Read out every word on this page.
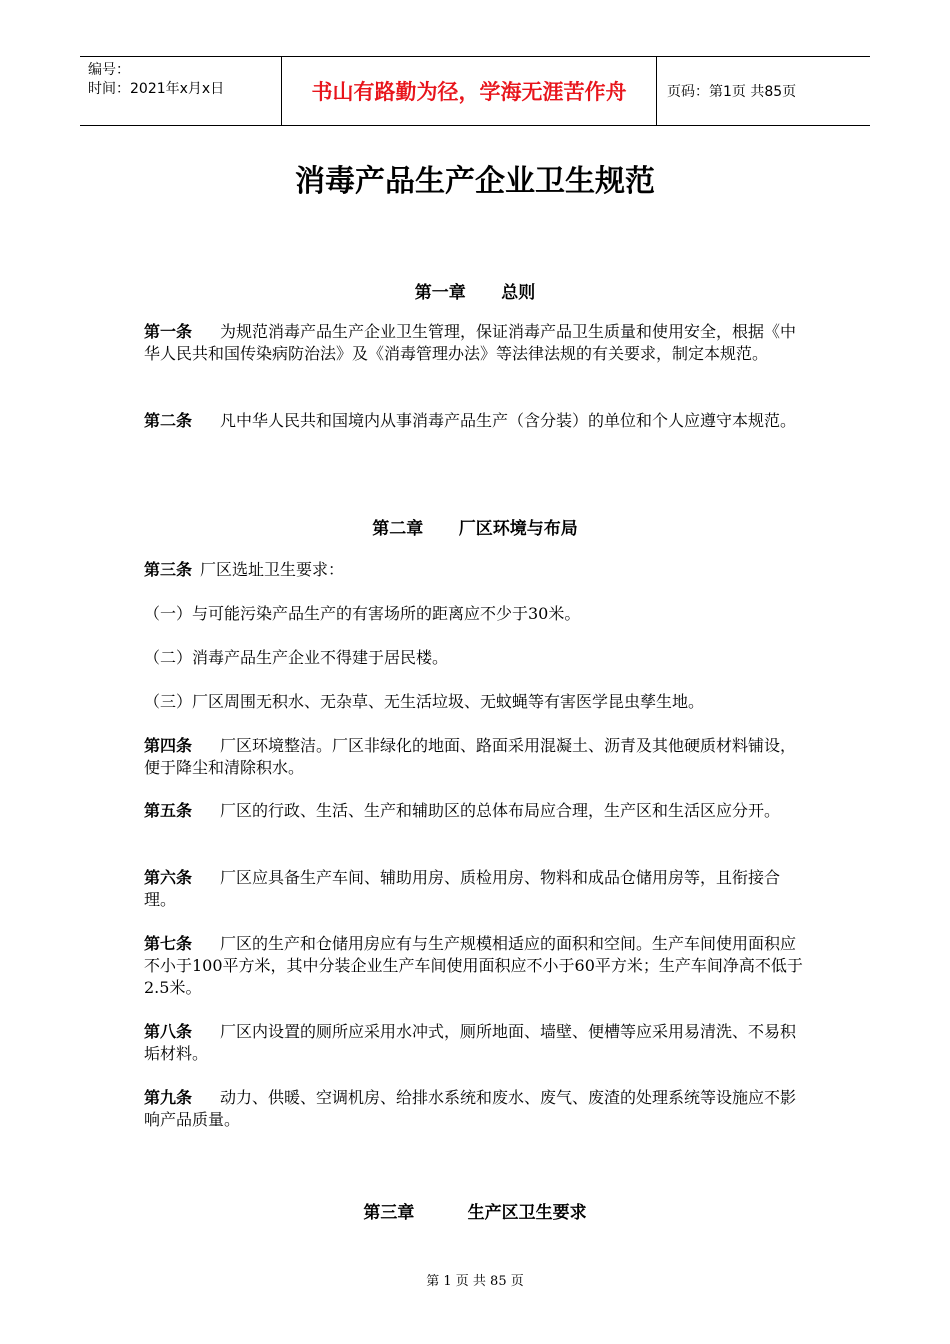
编号：
时间：2021年x月x日	书山有路勤为径，学海无涯苦作舟	页码：第1页 共85页
消毒产品生产企业卫生规范
第一章      总则

第一条 为规范消毒产品生产企业卫生管理，保证消毒产品卫生质量和使用安全，根据《中华人民共和国传染病防治法》及《消毒管理办法》等法律法规的有关要求，制定本规范。

第二条 凡中华人民共和国境内从事消毒产品生产（含分装）的单位和个人应遵守本规范。

第二章      厂区环境与布局

第三条 厂区选址卫生要求：

（一）与可能污染产品生产的有害场所的距离应不少于30米。

（二）消毒产品生产企业不得建于居民楼。

（三）厂区周围无积水、无杂草、无生活垃圾、无蚊蝇等有害医学昆虫孳生地。

第四条 厂区环境整洁。厂区非绿化的地面、路面采用混凝土、沥青及其他硬质材料铺设，便于降尘和清除积水。

第五条 厂区的行政、生活、生产和辅助区的总体布局应合理，生产区和生活区应分开。

第六条 厂区应具备生产车间、辅助用房、质检用房、物料和成品仓储用房等，且衔接合理。

第七条 厂区的生产和仓储用房应有与生产规模相适应的面积和空间。生产车间使用面积应不小于100平方米，其中分装企业生产车间使用面积应不小于60平方米；生产车间净高不低于2.5米。

第八条 厂区内设置的厕所应采用水冲式，厕所地面、墙壁、便槽等应采用易清洗、不易积垢材料。

第九条 动力、供暖、空调机房、给排水系统和废水、废气、废渣的处理系统等设施应不影响产品质量。

第三章         生产区卫生要求
第 1 页 共 85 页
